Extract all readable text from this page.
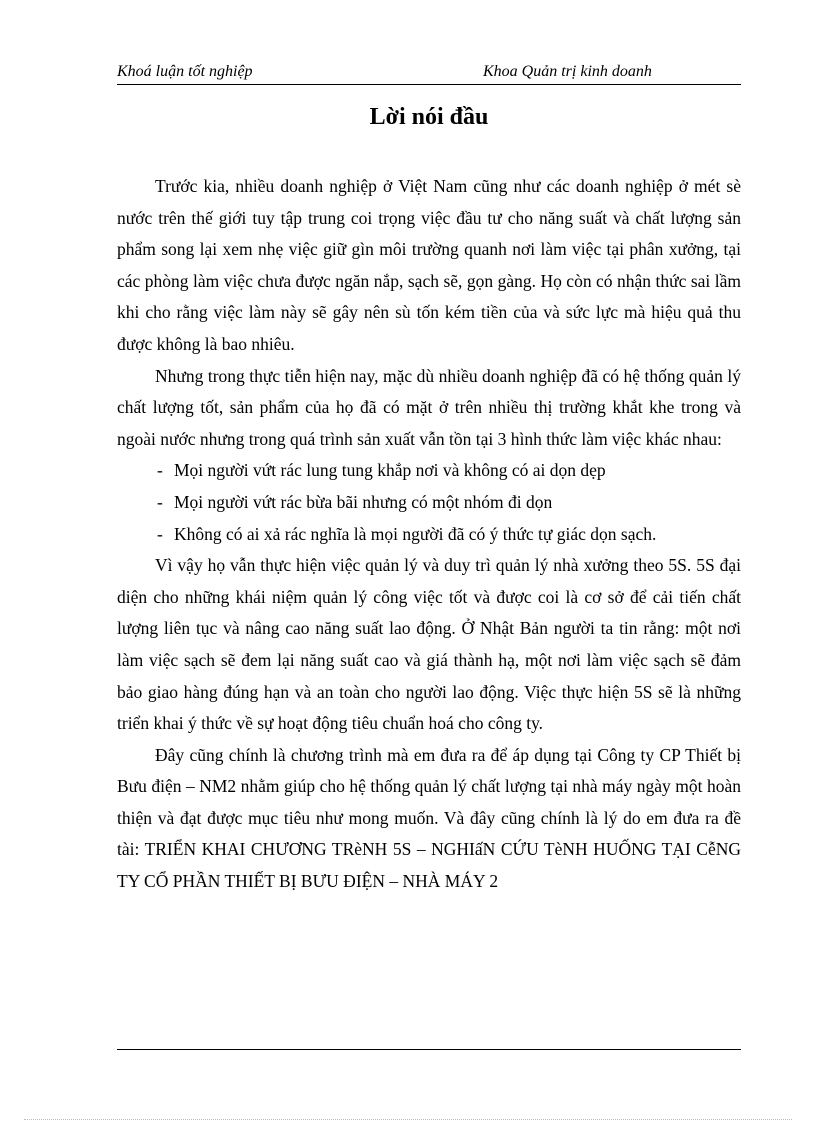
Khoá luận tốt nghiệp	Khoa Quản trị kinh doanh
Lời nói đầu

Trước kia, nhiều doanh nghiệp ở Việt Nam cũng như các doanh nghiệp ở mét sè nước trên thế giới tuy tập trung coi trọng việc đầu tư cho năng suất và chất lượng sản phẩm song lại xem nhẹ việc giữ gìn môi trường quanh nơi làm việc tại phân xưởng, tại các phòng làm việc chưa được ngăn nắp, sạch sẽ, gọn gàng. Họ còn có nhận thức sai lầm khi cho rằng việc làm này sẽ gây nên sù tốn kém tiền của và sức lực mà hiệu quả thu được không là bao nhiêu.

Nhưng trong thực tiễn hiện nay, mặc dù nhiều doanh nghiệp đã có hệ thống quản lý chất lượng tốt, sản phẩm của họ đã có mặt ở trên nhiều thị trường khắt khe trong và ngoài nước nhưng trong quá trình sản xuất vẫn tồn tại 3 hình thức làm việc khác nhau:

- Mọi người vứt rác lung tung khắp nơi và không có ai dọn dẹp
- Mọi người vứt rác bừa bãi nhưng có một nhóm đi dọn
- Không có ai xả rác nghĩa là mọi người đã có ý thức tự giác dọn sạch.

Vì vậy họ vẫn thực hiện việc quản lý và duy trì quản lý nhà xưởng theo 5S. 5S đại diện cho những khái niệm quản lý công việc tốt và được coi là cơ sở để cải tiến chất lượng liên tục và nâng cao năng suất lao động. Ở Nhật Bản người ta tin rằng: một nơi làm việc sạch sẽ đem lại năng suất cao và giá thành hạ, một nơi làm việc sạch sẽ đảm bảo giao hàng đúng hạn và an toàn cho người lao động. Việc thực hiện 5S sẽ là những triển khai ý thức về sự hoạt động tiêu chuẩn hoá cho công ty.

Đây cũng chính là chương trình mà em đưa ra để áp dụng tại Công ty CP Thiết bị Bưu điện – NM2 nhằm giúp cho hệ thống quản lý chất lượng tại nhà máy ngày một hoàn thiện và đạt được mục tiêu như mong muốn. Và đây cũng chính là lý do em đưa ra đề tài: TRIỂN KHAI CHƯƠNG TRèNH 5S – NGHIấN CỨU TèNH HUỐNG TẠI CễNG TY CỔ PHẦN THIẾT BỊ BƯU ĐIỆN – NHÀ MÁY 2
